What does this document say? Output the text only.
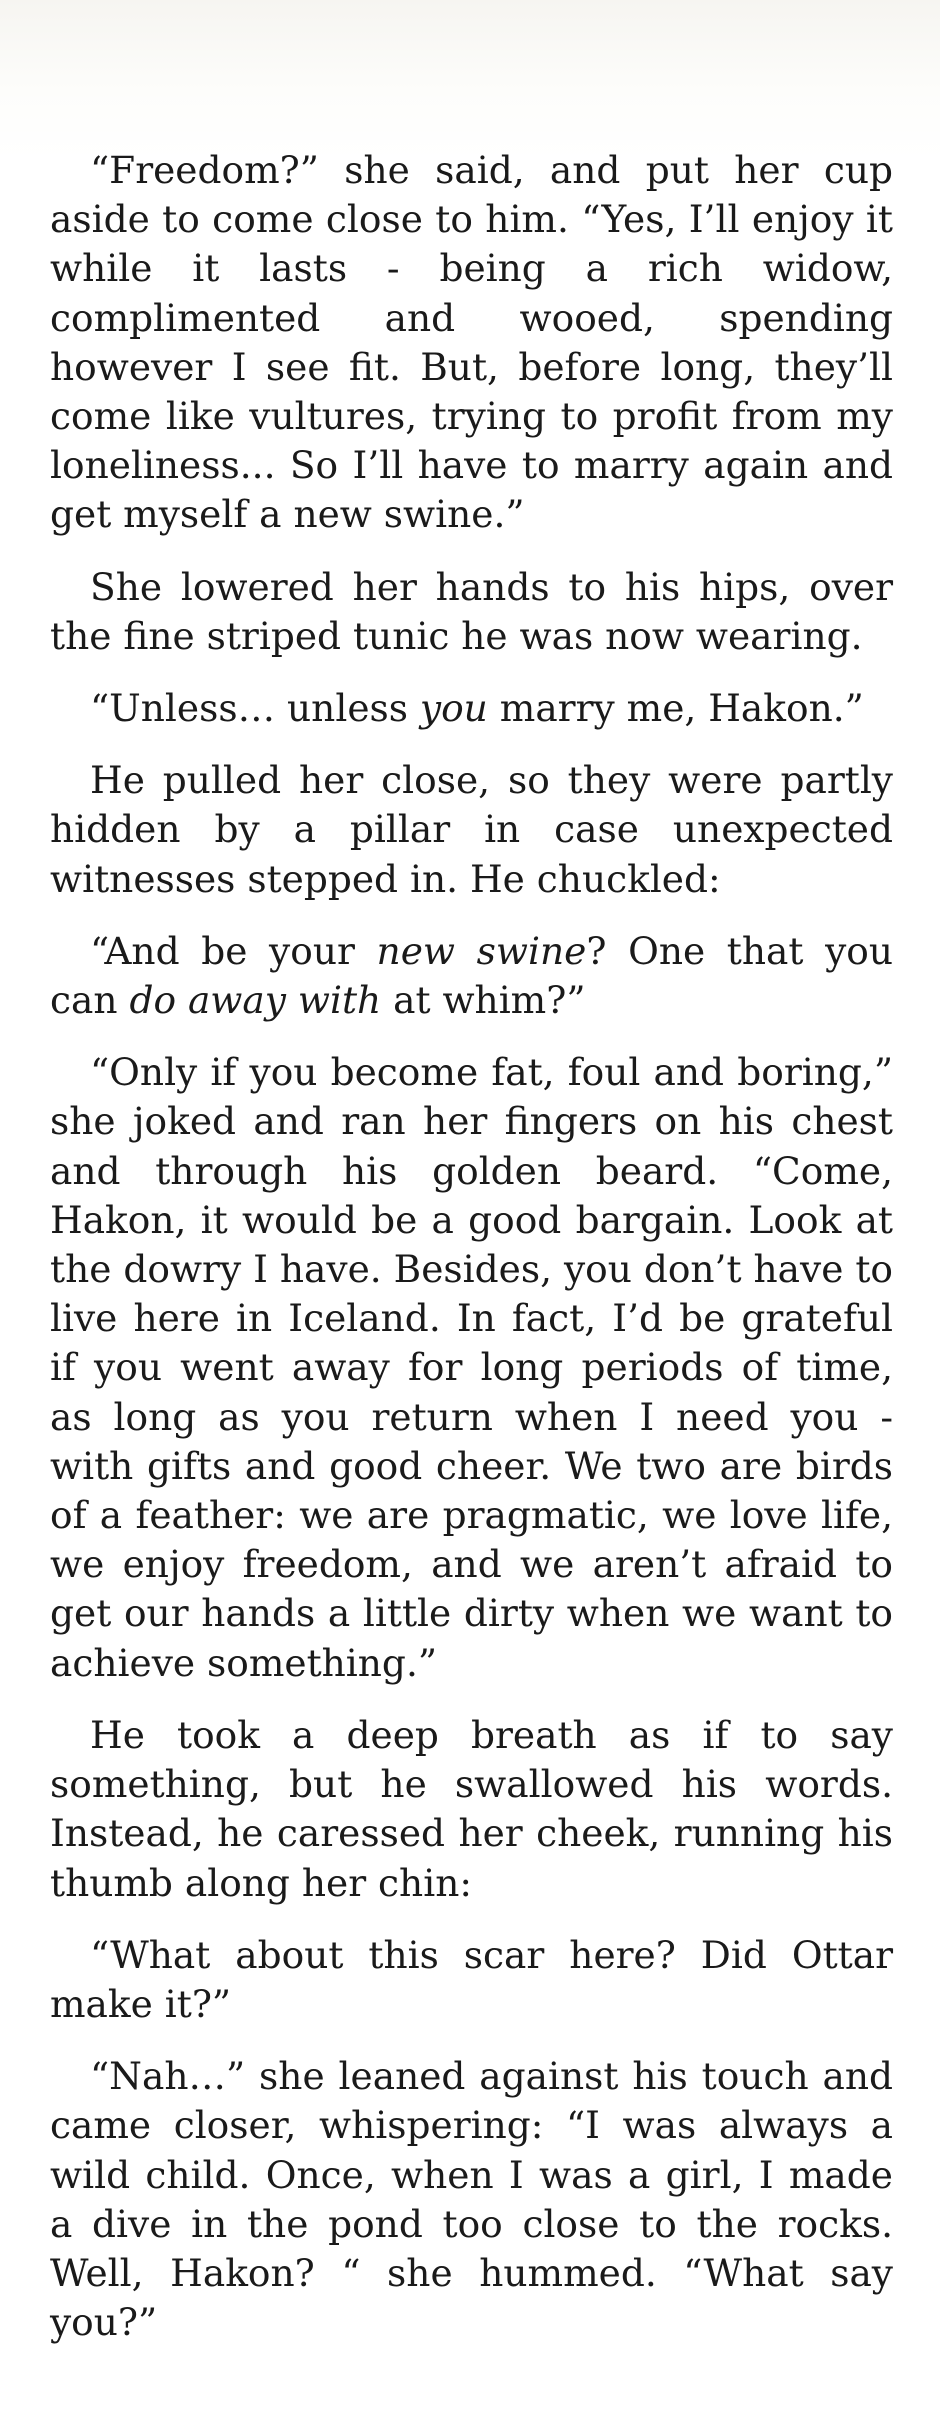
“Freedom?” she said, and put her cup aside to come close to him. “Yes, I’ll enjoy it while it lasts - being a rich widow, complimented and wooed, spending however I see fit. But, before long, they’ll come like vultures, trying to profit from my loneliness... So I’ll have to marry again and get myself a new swine.”

She lowered her hands to his hips, over the fine striped tunic he was now wearing.

“Unless… unless you marry me, Hakon.”

He pulled her close, so they were partly hidden by a pillar in case unexpected witnesses stepped in. He chuckled:

“And be your new swine? One that you can do away with at whim?”

“Only if you become fat, foul and boring,” she joked and ran her fingers on his chest and through his golden beard. “Come, Hakon, it would be a good bargain. Look at the dowry I have. Besides, you don’t have to live here in Iceland. In fact, I’d be grateful if you went away for long periods of time, as long as you return when I need you - with gifts and good cheer. We two are birds of a feather: we are pragmatic, we love life, we enjoy freedom, and we aren’t afraid to get our hands a little dirty when we want to achieve something.”

He took a deep breath as if to say something, but he swallowed his words. Instead, he caressed her cheek, running his thumb along her chin:

“What about this scar here? Did Ottar make it?”

“Nah…” she leaned against his touch and came closer, whispering: “I was always a wild child. Once, when I was a girl, I made a dive in the pond too close to the rocks. Well, Hakon? “ she hummed. “What say you?”
